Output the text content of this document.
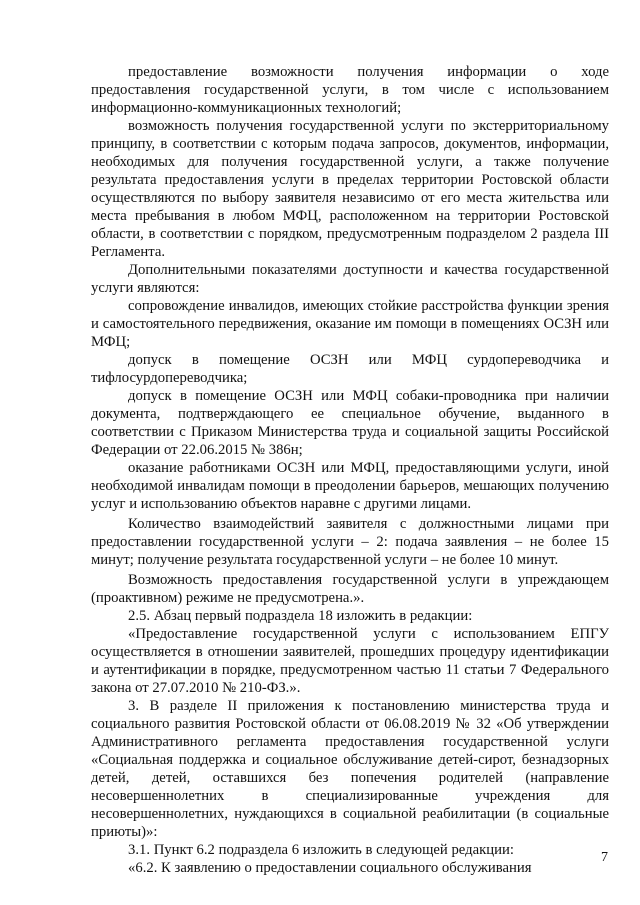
предоставление возможности получения информации о ходе предоставления государственной услуги, в том числе с использованием информационно-коммуникационных технологий;

возможность получения государственной услуги по экстерриториальному принципу, в соответствии с которым подача запросов, документов, информации, необходимых для получения государственной услуги, а также получение результата предоставления услуги в пределах территории Ростовской области осуществляются по выбору заявителя независимо от его места жительства или места пребывания в любом МФЦ, расположенном на территории Ростовской области, в соответствии с порядком, предусмотренным подразделом 2 раздела III Регламента.

Дополнительными показателями доступности и качества государственной услуги являются:

сопровождение инвалидов, имеющих стойкие расстройства функции зрения и самостоятельного передвижения, оказание им помощи в помещениях ОСЗН или МФЦ;

допуск в помещение ОСЗН или МФЦ сурдопереводчика и тифлосурдопереводчика;

допуск в помещение ОСЗН или МФЦ собаки-проводника при наличии документа, подтверждающего ее специальное обучение, выданного в соответствии с Приказом Министерства труда и социальной защиты Российской Федерации от 22.06.2015 № 386н;

оказание работниками ОСЗН или МФЦ, предоставляющими услуги, иной необходимой инвалидам помощи в преодолении барьеров, мешающих получению услуг и использованию объектов наравне с другими лицами.

Количество взаимодействий заявителя с должностными лицами при предоставлении государственной услуги – 2: подача заявления – не более 15 минут; получение результата государственной услуги – не более 10 минут.

Возможность предоставления государственной услуги в упреждающем (проактивном) режиме не предусмотрена.».

2.5. Абзац первый подраздела 18 изложить в редакции:

«Предоставление государственной услуги с использованием ЕПГУ осуществляется в отношении заявителей, прошедших процедуру идентификации и аутентификации в порядке, предусмотренном частью 11 статьи 7 Федерального закона от 27.07.2010 № 210-ФЗ.».

3. В разделе II приложения к постановлению министерства труда и социального развития Ростовской области от 06.08.2019 № 32 «Об утверждении Административного регламента предоставления государственной услуги «Социальная поддержка и социальное обслуживание детей-сирот, безнадзорных детей, детей, оставшихся без попечения родителей (направление несовершеннолетних в специализированные учреждения для несовершеннолетних, нуждающихся в социальной реабилитации (в социальные приюты)»:

3.1. Пункт 6.2 подраздела 6 изложить в следующей редакции:

«6.2. К заявлению о предоставлении социального обслуживания

7
